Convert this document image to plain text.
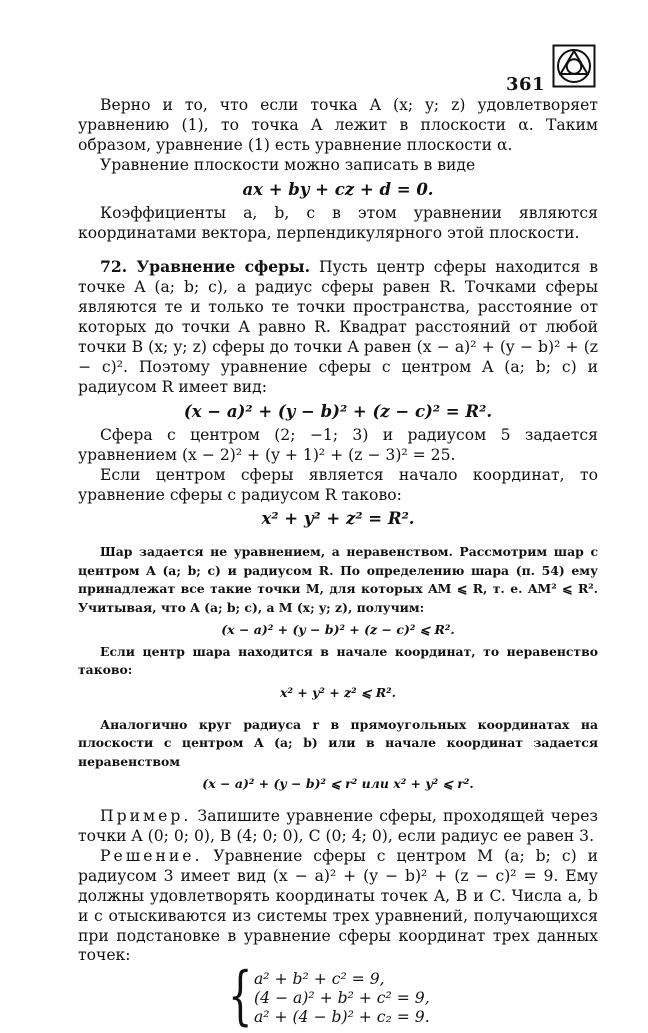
361

Верно и то, что если точка A (x; y; z) удовлетворяет уравнению (1), то точка A лежит в плоскости α. Таким образом, уравнение (1) есть уравнение плоскости α.

Уравнение плоскости можно записать в виде

ax + by + cz + d = 0.

Коэффициенты a, b, c в этом уравнении являются координатами вектора, перпендикулярного этой плоскости.

72. Уравнение сферы. Пусть центр сферы находится в точке A (a; b; c), а радиус сферы равен R. Точками сферы являются те и только те точки пространства, расстояние от которых до точки A равно R. Квадрат расстояний от любой точки B (x; y; z) сферы до точки A равен (x − a)² + (y − b)² + (z − c)². Поэтому уравнение сферы с центром A (a; b; c) и радиусом R имеет вид:

(x − a)² + (y − b)² + (z − c)² = R².

Сфера с центром (2; −1; 3) и радиусом 5 задается уравнением (x − 2)² + (y + 1)² + (z − 3)² = 25.

Если центром сферы является начало координат, то уравнение сферы с радиусом R таково:

x² + y² + z² = R².

Шар задается не уравнением, а неравенством. Рассмотрим шар с центром A (a; b; c) и радиусом R. По определению шара (п. 54) ему принадлежат все такие точки M, для которых AM ⩽ R, т. е. AM² ⩽ R². Учитывая, что A (a; b; c), а M (x; y; z), получим:

(x − a)² + (y − b)² + (z − c)² ⩽ R².

Если центр шара находится в начале координат, то неравенство таково:

x² + y² + z² ⩽ R².

Аналогично круг радиуса r в прямоугольных координатах на плоскости с центром A (a; b) или в начале координат задается неравенством

(x − a)² + (y − b)² ⩽ r² или x² + y² ⩽ r².

Пример. Запишите уравнение сферы, проходящей через точки A (0; 0; 0), B (4; 0; 0), C (0; 4; 0), если радиус ее равен 3.

Решение. Уравнение сферы с центром M (a; b; c) и радиусом 3 имеет вид (x − a)² + (y − b)² + (z − c)² = 9. Ему должны удовлетворять координаты точек A, B и C. Числа a, b и c отыскиваются из системы трех уравнений, получающихся при подстановке в уравнение сферы координат трех данных точек:

{ a² + b² + c² = 9,
(4 − a)² + b² + c² = 9,
a² + (4 − b)² + c₂ = 9.
